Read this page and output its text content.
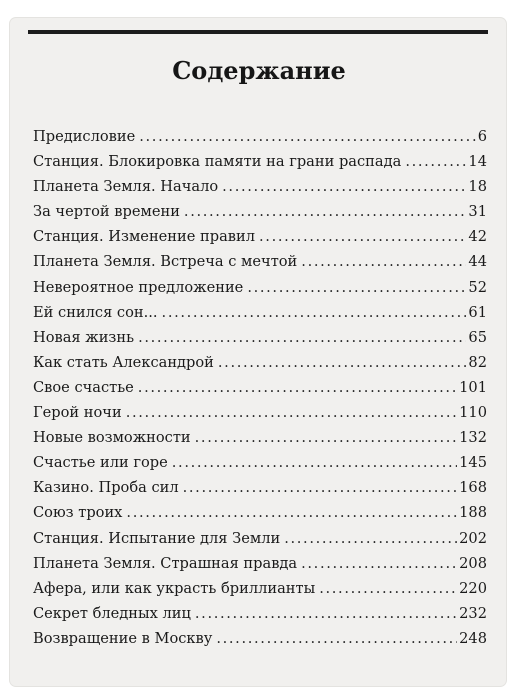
Содержание
Предисловие . . .	6
Станция. Блокировка памяти на грани распада . . .	14
Планета Земля. Начало . . .	18
За чертой времени . . .	31
Станция. Изменение правил . . .	42
Планета Земля. Встреча с мечтой . . .	44
Невероятное предложение . . .	52
Ей снился сон... . . .	61
Новая жизнь . . .	65
Как стать Александрой . . .	82
Свое счастье . . .	101
Герой ночи . . .	110
Новые возможности . . .	132
Счастье или горе . . .	145
Казино. Проба сил . . .	168
Союз троих . . .	188
Станция. Испытание для Земли . . .	202
Планета Земля. Страшная правда . . .	208
Афера, или как украсть бриллианты . . .	220
Секрет бледных лиц . . .	232
Возвращение в Москву . . .	248
